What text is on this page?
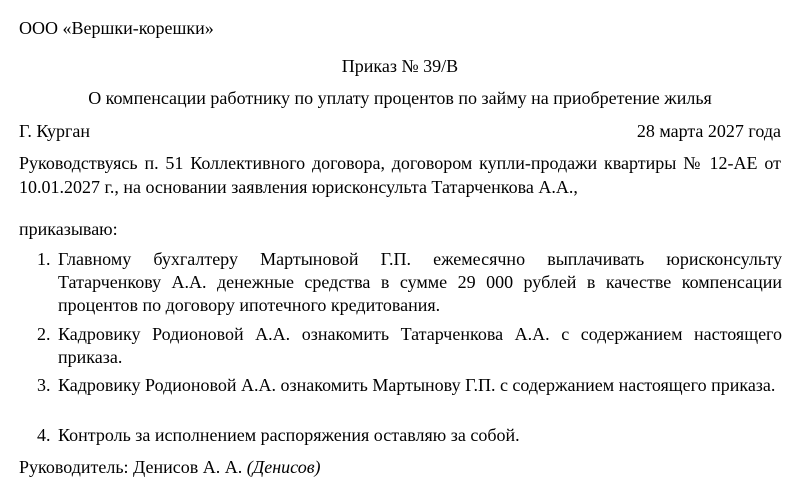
ООО «Вершки-корешки»
Приказ № 39/В
О компенсации работнику по уплату процентов по займу на приобретение жилья
Г. Курган	28 марта 2027 года
Руководствуясь п. 51 Коллективного договора, договором купли-продажи квартиры № 12-АЕ от 10.01.2027 г., на основании заявления юрисконсульта Татарченкова А.А.,
приказываю:
1. Главному бухгалтеру Мартыновой Г.П. ежемесячно выплачивать юрисконсульту Татарченкову А.А. денежные средства в сумме 29 000 рублей в качестве компенсации процентов по договору ипотечного кредитования.
2. Кадровику Родионовой А.А. ознакомить Татарченкова А.А. с содержанием настоящего приказа.
3. Кадровику Родионовой А.А. ознакомить Мартынову Г.П. с содержанием настоящего приказа.
4. Контроль за исполнением распоряжения оставляю за собой.
Руководитель: Денисов А. А. (Денисов)
